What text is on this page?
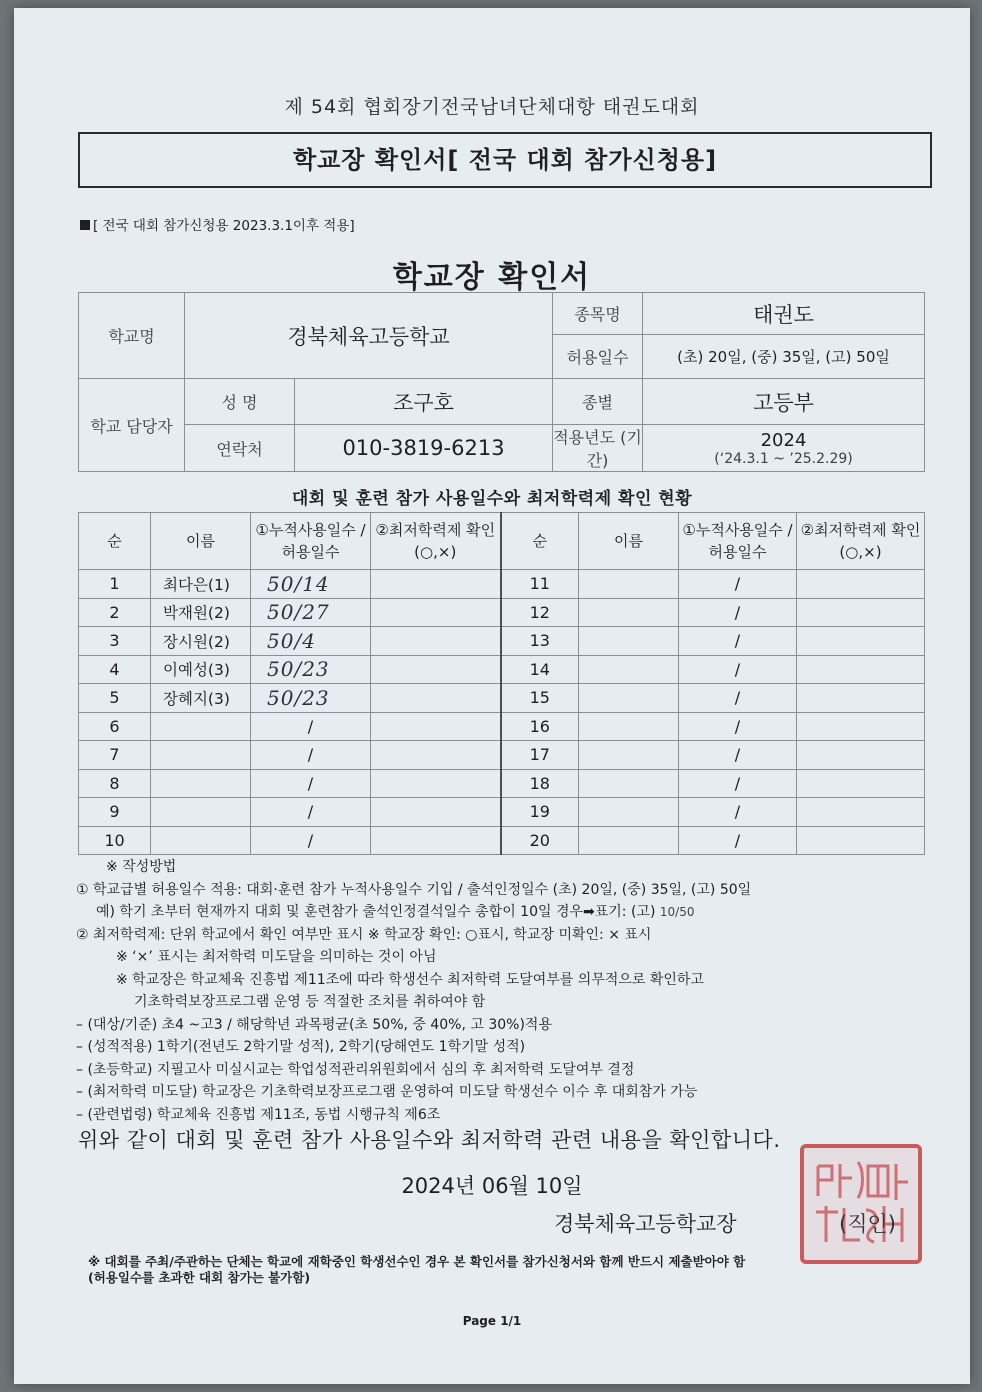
제 54회 협회장기전국남녀단체대항 태권도대회
학교장 확인서[ 전국 대회 참가신청용]
[ 전국 대회 참가신청용 2023.3.1이후 적용]
학교장 확인서
학교명	경북체육고등학교		종목명	태권도
			허용일수	(초) 20일, (중) 35일, (고) 50일
학교 담당자	성 명	조구호	종별	고등부
	연락처	010-3819-6213	적용년도 (기간)	2024
(‘24.3.1 ~ ’25.2.29)
대회 및 훈련 참가 사용일수와 최저학력제 확인 현황
순	이름	①누적사용일수 /허용일수	②최저학력제 확인(○,×)	순	이름	①누적사용일수 /허용일수	②최저학력제 확인(○,×)
1	최다은(1)	50/14		11		/	
2	박재원(2)	50/27		12		/	
3	장시원(2)	50/4		13		/	
4	이예성(3)	50/23		14		/	
5	장혜지(3)	50/23		15		/	
6		/		16		/	
7		/		17		/	
8		/		18		/	
9		/		19		/	
10		/		20		/	
※ 작성방법
① 학교급별 허용일수 적용: 대회·훈련 참가 누적사용일수 기입 / 출석인정일수 (초) 20일, (중) 35일, (고) 50일
예) 학기 초부터 현재까지 대회 및 훈련참가 출석인정결석일수 총합이 10일 경우➡표기: (고) 10/50
② 최저학력제: 단위 학교에서 확인 여부만 표시 ※ 학교장 확인: ○표시, 학교장 미확인: × 표시
※ ‘×’ 표시는 최저학력 미도달을 의미하는 것이 아님
※ 학교장은 학교체육 진흥법 제11조에 따라 학생선수 최저학력 도달여부를 의무적으로 확인하고
기초학력보장프로그램 운영 등 적절한 조치를 취하여야 함
– (대상/기준) 초4 ~고3 / 해당학년 과목평균(초 50%, 중 40%, 고 30%)적용
– (성적적용) 1학기(전년도 2학기말 성적), 2학기(당해연도 1학기말 성적)
– (초등학교) 지필고사 미실시교는 학업성적관리위원회에서 심의 후 최저학력 도달여부 결정
– (최저학력 미도달) 학교장은 기초학력보장프로그램 운영하여 미도달 학생선수 이수 후 대회참가 가능
– (관련법령) 학교체육 진흥법 제11조, 동법 시행규칙 제6조
위와 같이 대회 및 훈련 참가 사용일수와 최저학력 관련 내용을 확인합니다.
2024년 06월 10일
경북체육고등학교장	(직인)
※ 대회를 주최/주관하는 단체는 학교에 재학중인 학생선수인 경우 본 확인서를 참가신청서와 함께 반드시 제출받아야 함
(허용일수를 초과한 대회 참가는 불가함)
Page 1/1
